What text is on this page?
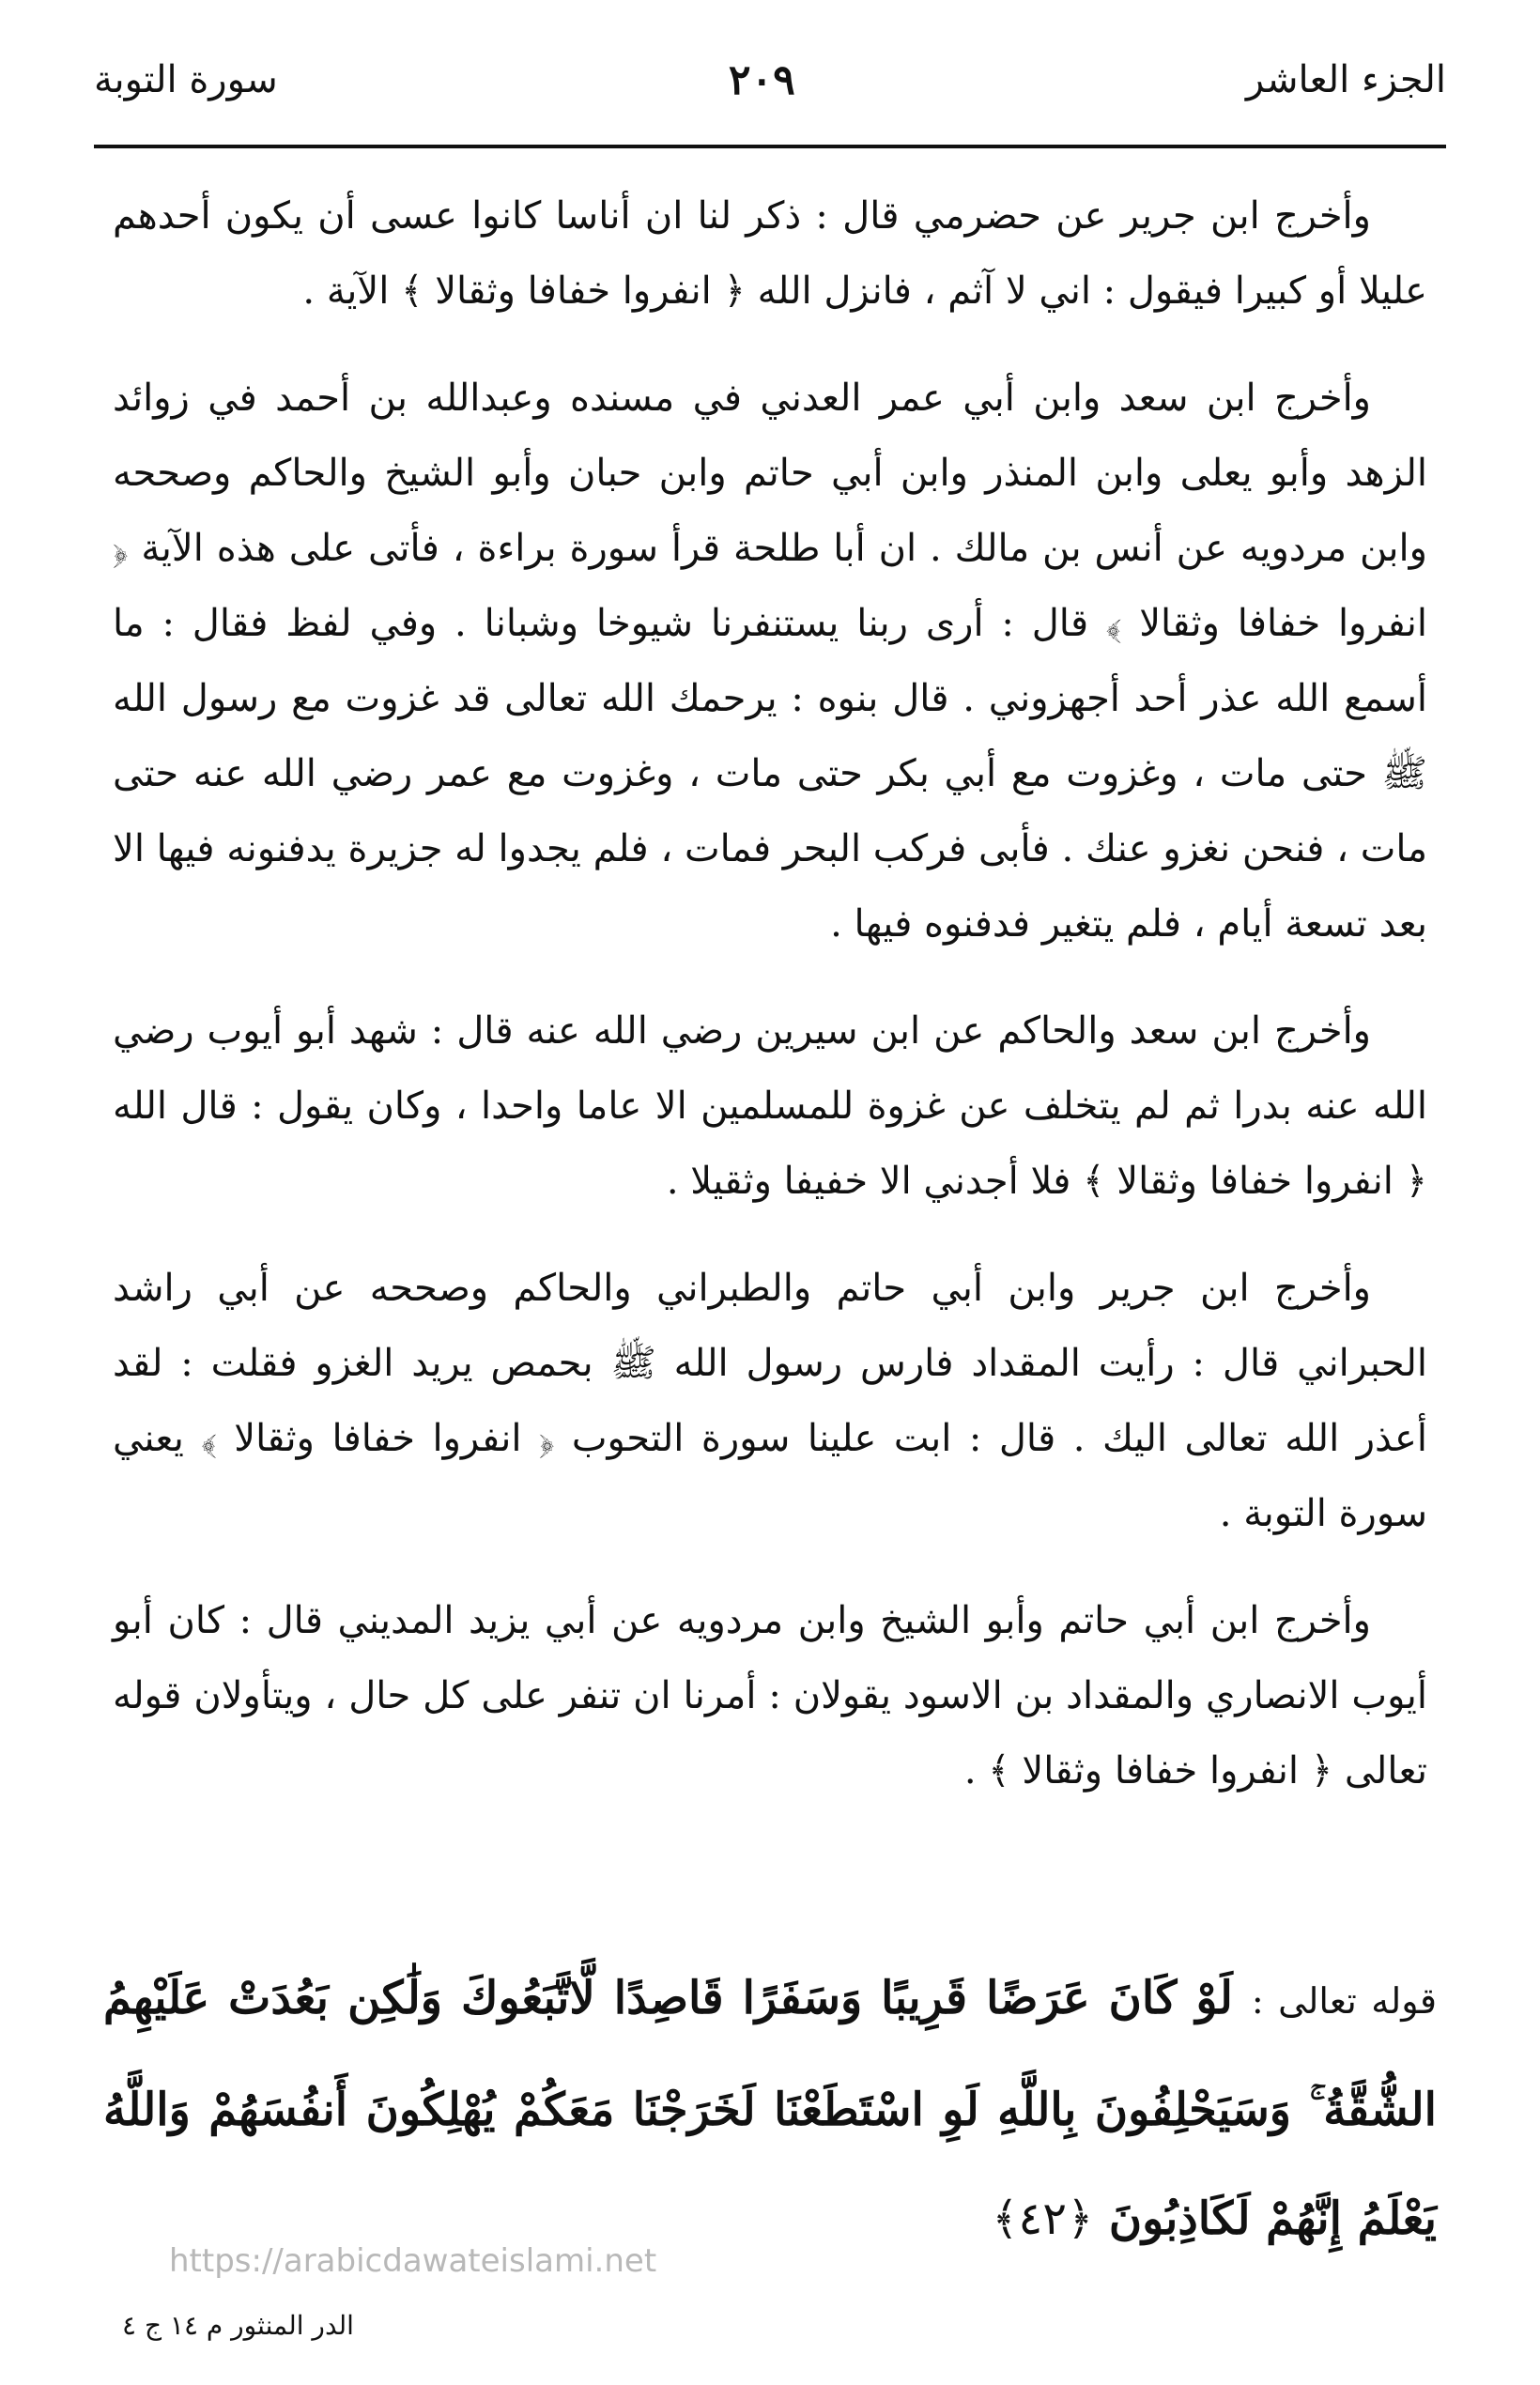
الجزء العاشر
٢٠٩
سورة التوبة

وأخرج ابن جرير عن حضرمي قال : ذكر لنا ان أناسا كانوا عسى أن يكون أحدهم عليلا أو كبيرا فيقول : اني لا آثم ، فانزل الله ﴿ انفروا خفافا وثقالا ﴾ الآية .

وأخرج ابن سعد وابن أبي عمر العدني في مسنده وعبدالله بن أحمد في زوائد الزهد وأبو يعلى وابن المنذر وابن أبي حاتم وابن حبان وأبو الشيخ والحاكم وصححه وابن مردويه عن أنس بن مالك . ان أبا طلحة قرأ سورة براءة ، فأتى على هذه الآية ﴿ انفروا خفافا وثقالا ﴾ قال : أرى ربنا يستنفرنا شيوخا وشبانا . وفي لفظ فقال : ما أسمع الله عذر أحد أجهزوني . قال بنوه : يرحمك الله تعالى قد غزوت مع رسول الله ﷺ حتى مات ، وغزوت مع أبي بكر حتى مات ، وغزوت مع عمر رضي الله عنه حتى مات ، فنحن نغزو عنك . فأبى فركب البحر فمات ، فلم يجدوا له جزيرة يدفنونه فيها الا بعد تسعة أيام ، فلم يتغير فدفنوه فيها .

وأخرج ابن سعد والحاكم عن ابن سيرين رضي الله عنه قال : شهد أبو أيوب رضي الله عنه بدرا ثم لم يتخلف عن غزوة للمسلمين الا عاما واحدا ، وكان يقول : قال الله ﴿ انفروا خفافا وثقالا ﴾ فلا أجدني الا خفيفا وثقيلا .

وأخرج ابن جرير وابن أبي حاتم والطبراني والحاكم وصححه عن أبي راشد الحبراني قال : رأيت المقداد فارس رسول الله ﷺ بحمص يريد الغزو فقلت : لقد أعذر الله تعالى اليك . قال : ابت علينا سورة التحوب ﴿ انفروا خفافا وثقالا ﴾ يعني سورة التوبة .

وأخرج ابن أبي حاتم وأبو الشيخ وابن مردويه عن أبي يزيد المديني قال : كان أبو أيوب الانصاري والمقداد بن الاسود يقولان : أمرنا ان تنفر على كل حال ، ويتأولان قوله تعالى ﴿ انفروا خفافا وثقالا ﴾ .

قوله تعالى : لَوْ كَانَ عَرَضًا قَرِيبًا وَسَفَرًا قَاصِدًا لَّاتَّبَعُوكَ وَلَٰكِن بَعُدَتْ عَلَيْهِمُ الشُّقَّةُ ۚ وَسَيَحْلِفُونَ بِاللَّهِ لَوِ اسْتَطَعْنَا لَخَرَجْنَا مَعَكُمْ يُهْلِكُونَ أَنفُسَهُمْ وَاللَّهُ يَعْلَمُ إِنَّهُمْ لَكَاذِبُونَ ﴿٤٢﴾
https://arabicdawateislami.net
الدر المنثور م ١٤ ج ٤
